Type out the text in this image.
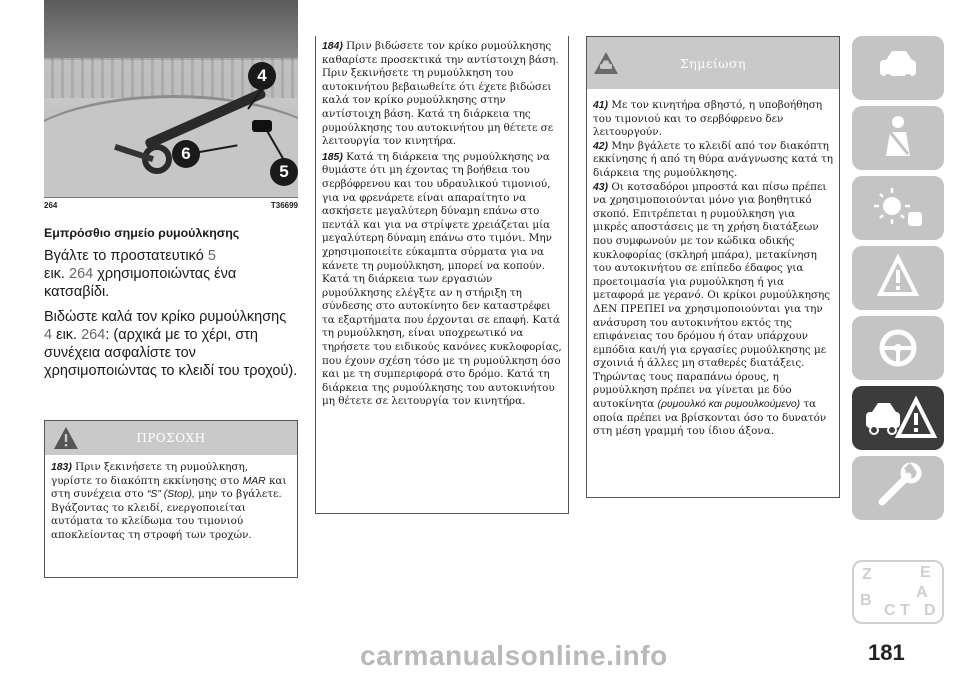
4
6
5
264	T36699
Εμπρόσθιο σημείο ρυμούλκησης

Βγάλτε το προστατευτικό 5
εικ. 264 χρησιμοποιώντας ένα κατσαβίδι.

Βιδώστε καλά τον κρίκο ρυμούλκησης
4 εικ. 264: (αρχικά με το χέρι, στη συνέχεια ασφαλίστε τον χρησιμοποιώντας το κλειδί του τροχού).

ΠΡΟΣΟΧΗ

183) Πριν ξεκινήσετε τη ρυμούλκηση, γυρίστε το διακόπτη εκκίνησης στο MAR και στη συνέχεια στο “S” (Stop), μην το βγάλετε. Βγάζοντας το κλειδί, ενεργοποιείται αυτόματα το κλείδωμα του τιμονιού αποκλείοντας τη στροφή των τροχών.

184) Πριν βιδώσετε τον κρίκο ρυμούλκησης καθαρίστε προσεκτικά την αντίστοιχη βάση. Πριν ξεκινήσετε τη ρυμούλκηση του αυτοκινήτου βεβαιωθείτε ότι έχετε βιδώσει καλά τον κρίκο ρυμούλκησης στην αντίστοιχη βάση. Κατά τη διάρκεια της ρυμούλκησης του αυτοκινήτου μη θέτετε σε λειτουργία τον κινητήρα.

185) Κατά τη διάρκεια της ρυμούλκησης να θυμάστε ότι μη έχοντας τη βοήθεια του σερβόφρενου και του υδραυλικού τιμονιού, για να φρενάρετε είναι απαραίτητο να ασκήσετε μεγαλύτερη δύναμη επάνω στο πεντάλ και για να στρίψετε χρειάζεται μία μεγαλύτερη δύναμη επάνω στο τιμόνι. Μην χρησιμοποιείτε εύκαμπτα σύρματα για να κάνετε τη ρυμούλκηση, μπορεί να κοπούν. Κατά τη διάρκεια των εργασιών ρυμούλκησης ελέγξτε αν η στήριξη τη σύνδεσης στο αυτοκίνητο δεν καταστρέφει τα εξαρτήματα που έρχονται σε επαφή. Κατά τη ρυμούλκηση, είναι υποχρεωτικό να τηρήσετε του ειδικούς κανόνες κυκλοφορίας, που έχουν σχέση τόσο με τη ρυμούλκηση όσο και με τη συμπεριφορά στο δρόμο. Κατά τη διάρκεια της ρυμούλκησης του αυτοκινήτου μη θέτετε σε λειτουργία τον κινητήρα.

Σημείωση

41) Με τον κινητήρα σβηστό, η υποβοήθηση του τιμονιού και το σερβόφρενο δεν λειτουργούν.

42) Μην βγάλετε το κλειδί από τον διακόπτη εκκίνησης ή από τη θύρα ανάγνωσης κατά τη διάρκεια της ρυμούλκησης.

43) Οι κοτσαδόροι μπροστά και πίσω πρέπει να χρησιμοποιούνται μόνο για βοηθητικό σκοπό. Επιτρέπεται η ρυμούλκηση για μικρές αποστάσεις με τη χρήση διατάξεων που συμφωνούν με τον κώδικα οδικής κυκλοφορίας (σκληρή μπάρα), μετακίνηση του αυτοκινήτου σε επίπεδο έδαφος για προετοιμασία για ρυμούλκηση ή για μεταφορά με γερανό. Οι κρίκοι ρυμούλκησης ΔΕΝ ΠΡΕΠΕΙ να χρησιμοποιούνται για την ανάσυρση του αυτοκινήτου εκτός της επιφάνειας του δρόμου ή όταν υπάρχουν εμπόδια και/ή για εργασίες ρυμούλκησης με σχοινιά ή άλλες μη σταθερές διατάξεις. Τηρώντας τους παραπάνω όρους, η ρυμούλκηση πρέπει να γίνεται με δύο αυτοκίνητα (ρυμουλκό και ρυμουλκούμενο) τα οποία πρέπει να βρίσκονται όσο το δυνατόν στη μέση γραμμή του ίδιου άξονα.

Z	E
B
C T
A
D
carmanualsonline.info	181
